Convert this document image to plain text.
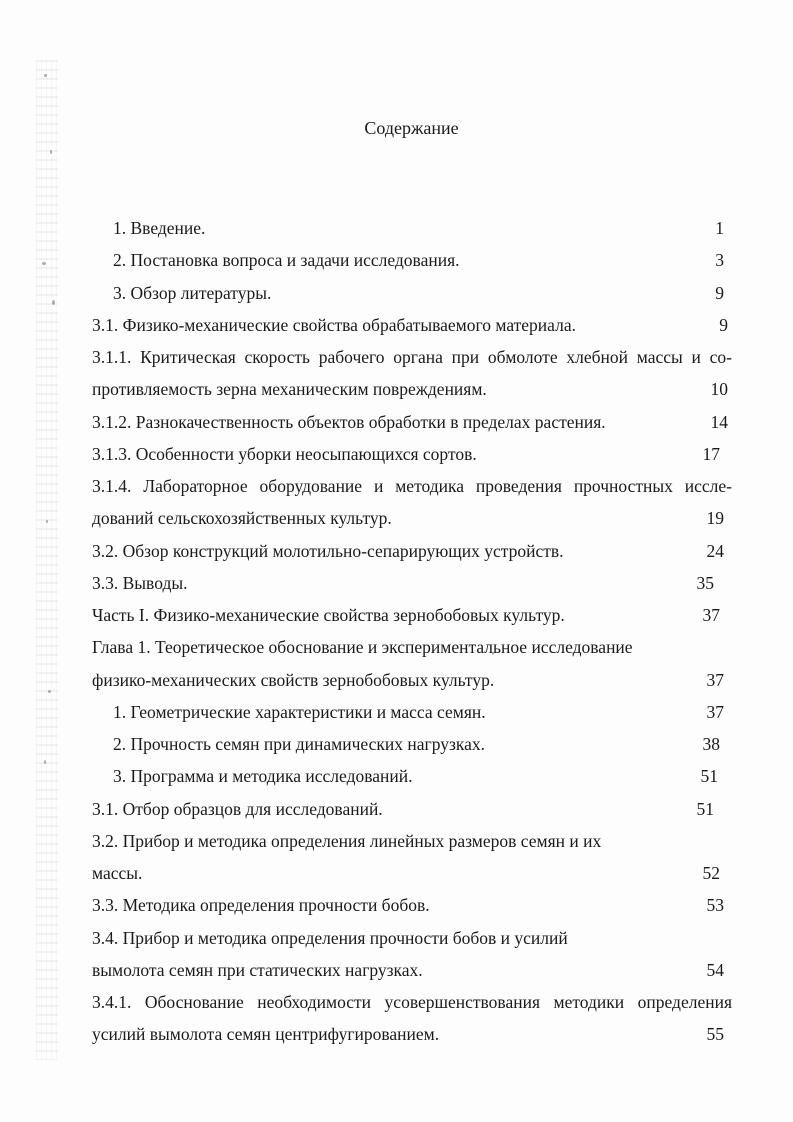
Содержание
1. Введение.	1
2. Постановка вопроса и задачи исследования.	3
3. Обзор литературы.	9
3.1. Физико-механические свойства обрабатываемого материала.	9
3.1.1. Критическая скорость рабочего органа при обмолоте хлебной массы и со-
противляемость зерна механическим повреждениям.	10
3.1.2. Разнокачественность объектов обработки в пределах растения.	14
3.1.3. Особенности уборки неосыпающихся сортов.	17
3.1.4. Лабораторное оборудование и методика проведения прочностных иссле-
дований сельскохозяйственных культур.	19
3.2. Обзор конструкций молотильно-сепарирующих устройств.	24
3.3. Выводы.	35
Часть I. Физико-механические свойства зернобобовых культур.	37
Глава 1. Теоретическое обоснование и экспериментальное исследование
физико-механических свойств зернобобовых культур.	37
1. Геометрические характеристики и масса семян.	37
2. Прочность семян при динамических нагрузках.	38
3. Программа и методика исследований.	51
3.1. Отбор образцов для исследований.	51
3.2. Прибор и методика определения линейных размеров семян и их
массы.	52
3.3. Методика определения прочности бобов.	53
3.4. Прибор и методика определения прочности бобов и усилий
вымолота семян при статических нагрузках.	54
3.4.1. Обоснование необходимости усовершенствования методики определения
усилий вымолота семян центрифугированием.	55
